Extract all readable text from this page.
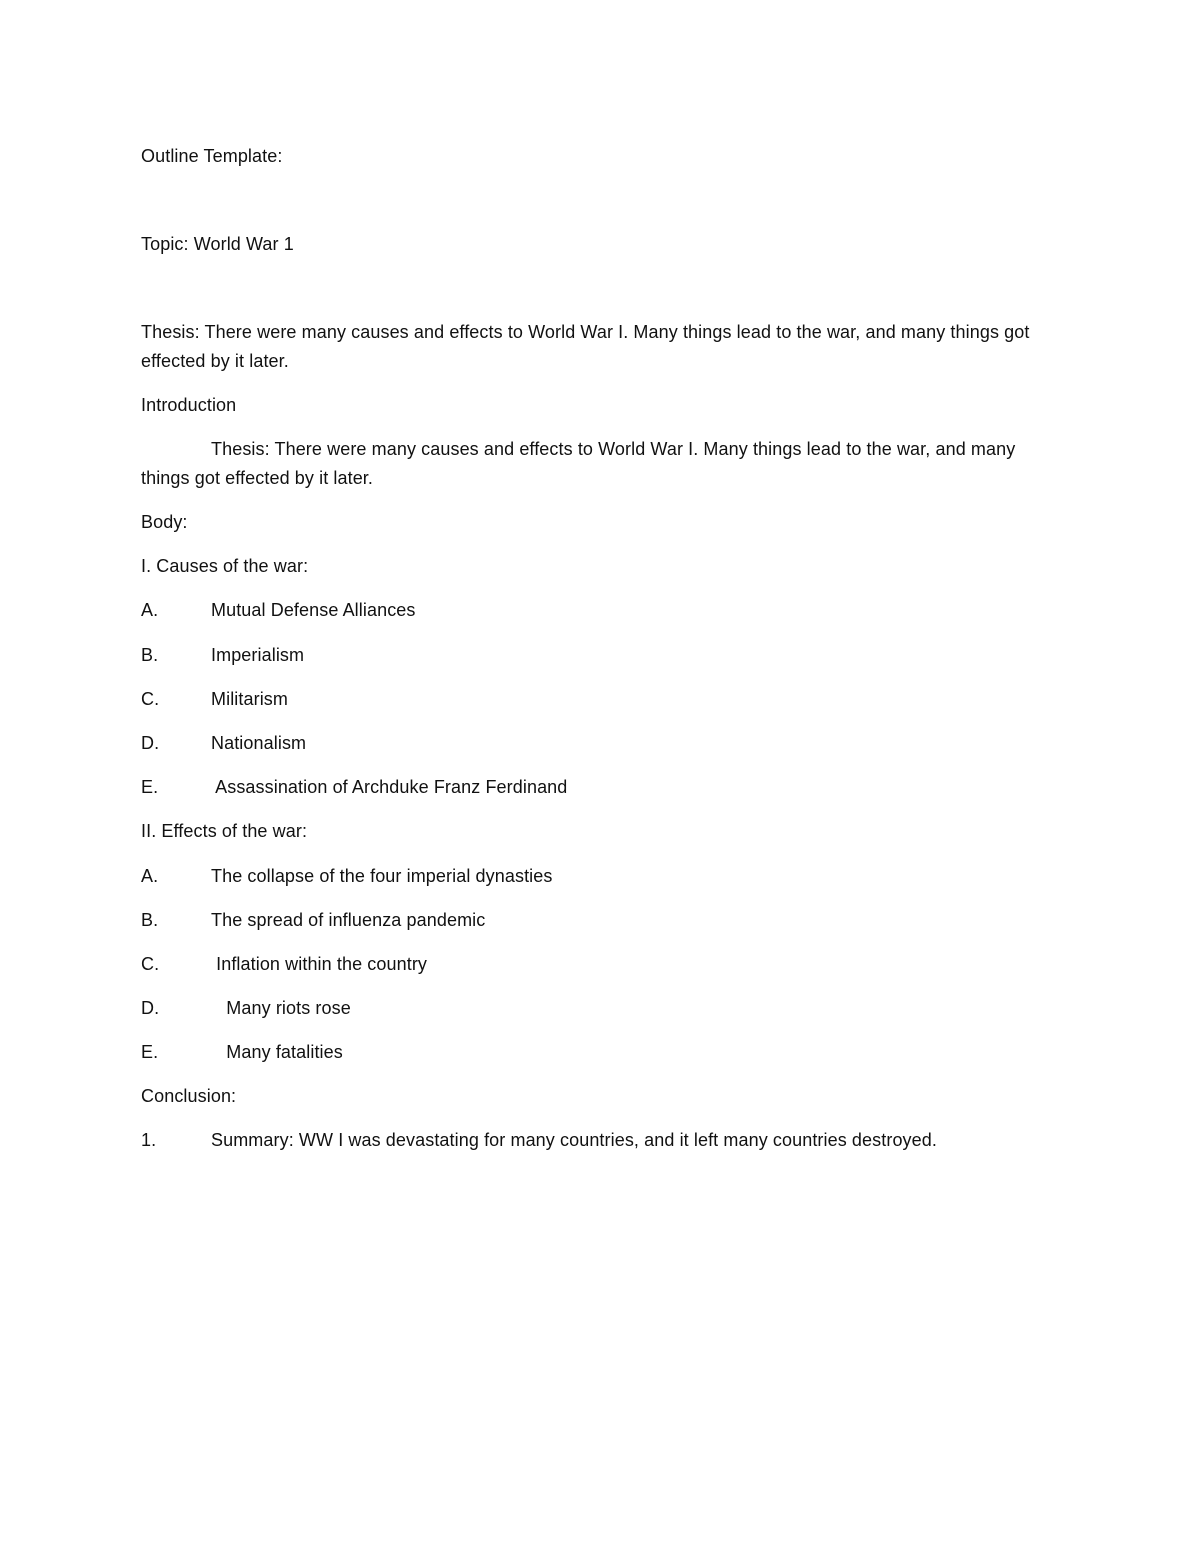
Outline Template:
Topic: World War 1
Thesis: There were many causes and effects to World War I. Many things lead to the war, and many things got effected by it later.
Introduction
Thesis: There were many causes and effects to World War I. Many things lead to the war, and many things got effected by it later.
Body:
I. Causes of the war:
A.	Mutual Defense Alliances
B.	Imperialism
C.	Militarism
D.	Nationalism
E.	Assassination of Archduke Franz Ferdinand
II. Effects of the war:
A.	The collapse of the four imperial dynasties
B.	The spread of influenza pandemic
C.	Inflation within the country
D.	Many riots rose
E.	Many fatalities
Conclusion:
1.	Summary: WW I was devastating for many countries, and it left many countries destroyed.
